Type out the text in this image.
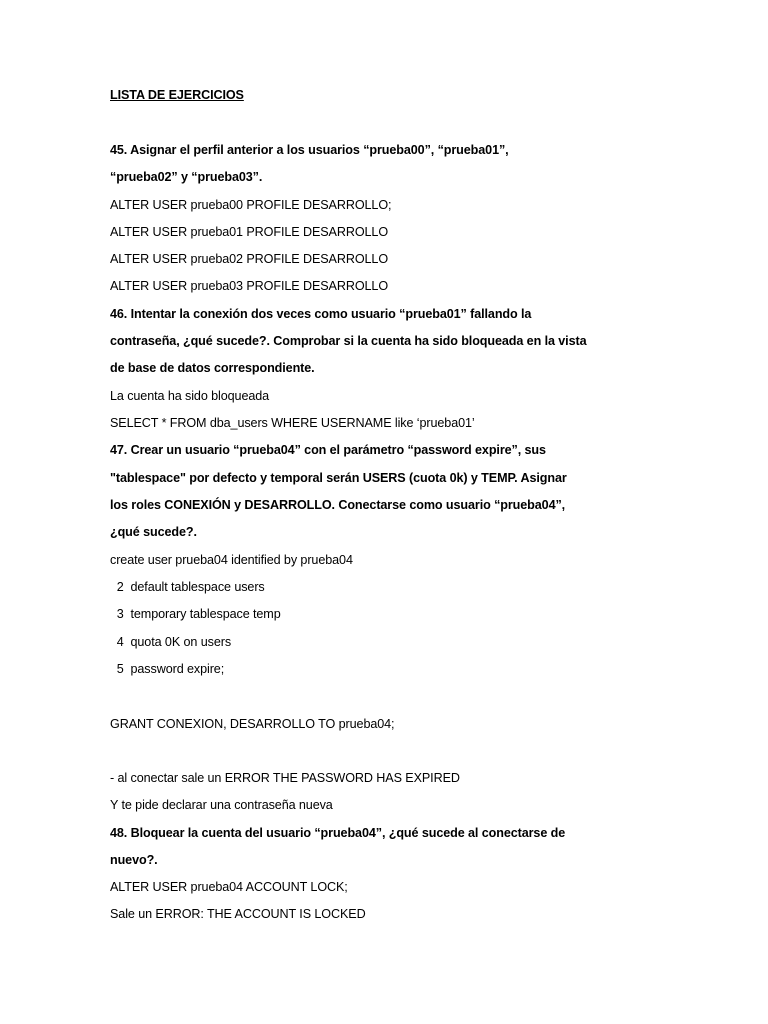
LISTA DE EJERCICIOS
45. Asignar el perfil anterior a los usuarios “prueba00”, “prueba01”,
“prueba02” y “prueba03”.
ALTER USER prueba00 PROFILE DESARROLLO;
ALTER USER prueba01 PROFILE DESARROLLO
ALTER USER prueba02 PROFILE DESARROLLO
ALTER USER prueba03 PROFILE DESARROLLO
46. Intentar la conexión dos veces como usuario “prueba01” fallando la
contraseña, ¿qué sucede?. Comprobar si la cuenta ha sido bloqueada en la vista
de base de datos correspondiente.
La cuenta ha sido bloqueada
SELECT * FROM dba_users WHERE USERNAME like ‘prueba01’
47. Crear un usuario “prueba04” con el parámetro “password expire”, sus
"tablespace" por defecto y temporal serán USERS (cuota 0k) y TEMP. Asignar
los roles CONEXIÓN y DESARROLLO. Conectarse como usuario “prueba04”,
¿qué sucede?.
create user prueba04 identified by prueba04
2  default tablespace users
3  temporary tablespace temp
4  quota 0K on users
5  password expire;
GRANT CONEXION, DESARROLLO TO prueba04;
- al conectar sale un ERROR THE PASSWORD HAS EXPIRED
Y te pide declarar una contraseña nueva
48. Bloquear la cuenta del usuario “prueba04”, ¿qué sucede al conectarse de
nuevo?.
ALTER USER prueba04 ACCOUNT LOCK;
Sale un ERROR: THE ACCOUNT IS LOCKED
